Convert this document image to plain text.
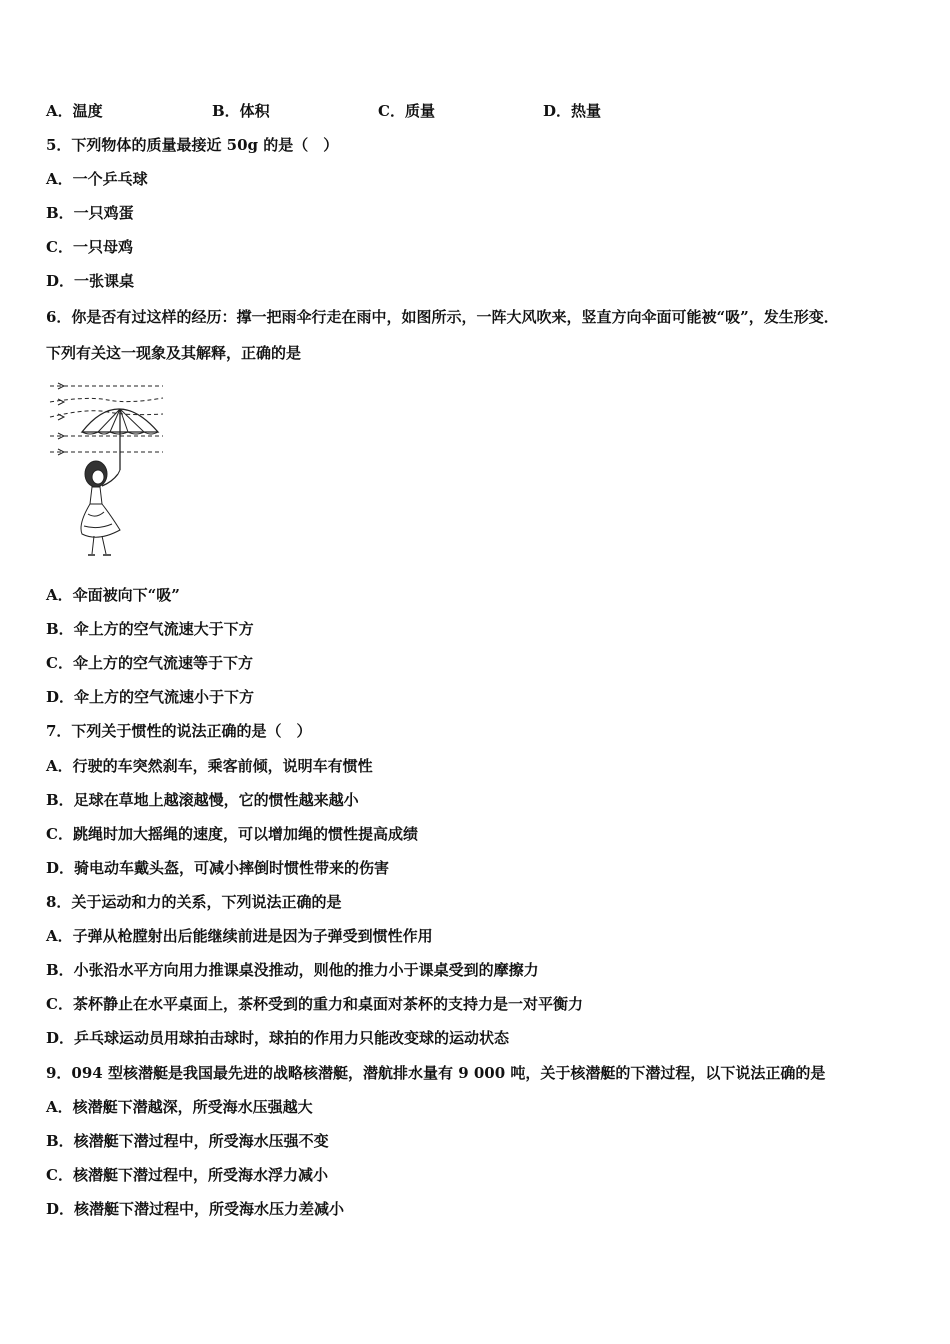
A．温度	B．体积	C．质量	D．热量
5．下列物体的质量最接近 50g 的是（　）
A．一个乒乓球
B．一只鸡蛋
C．一只母鸡
D．一张课桌
6．你是否有过这样的经历：撑一把雨伞行走在雨中，如图所示，一阵大风吹来，竖直方向伞面可能被“吸”，发生形变．
下列有关这一现象及其解释，正确的是
A．伞面被向下“吸”
B．伞上方的空气流速大于下方
C．伞上方的空气流速等于下方
D．伞上方的空气流速小于下方
7．下列关于惯性的说法正确的是（　）
A．行驶的车突然刹车，乘客前倾，说明车有惯性
B．足球在草地上越滚越慢，它的惯性越来越小
C．跳绳时加大摇绳的速度，可以增加绳的惯性提高成绩
D．骑电动车戴头盔，可减小摔倒时惯性带来的伤害
8．关于运动和力的关系，下列说法正确的是
A．子弹从枪膛射出后能继续前进是因为子弹受到惯性作用
B．小张沿水平方向用力推课桌没推动，则他的推力小于课桌受到的摩擦力
C．茶杯静止在水平桌面上，茶杯受到的重力和桌面对茶杯的支持力是一对平衡力
D．乒乓球运动员用球拍击球时，球拍的作用力只能改变球的运动状态
9．094 型核潜艇是我国最先进的战略核潜艇，潜航排水量有 9 000 吨，关于核潜艇的下潜过程，以下说法正确的是
A．核潜艇下潜越深，所受海水压强越大
B．核潜艇下潜过程中，所受海水压强不变
C．核潜艇下潜过程中，所受海水浮力减小
D．核潜艇下潜过程中，所受海水压力差减小
